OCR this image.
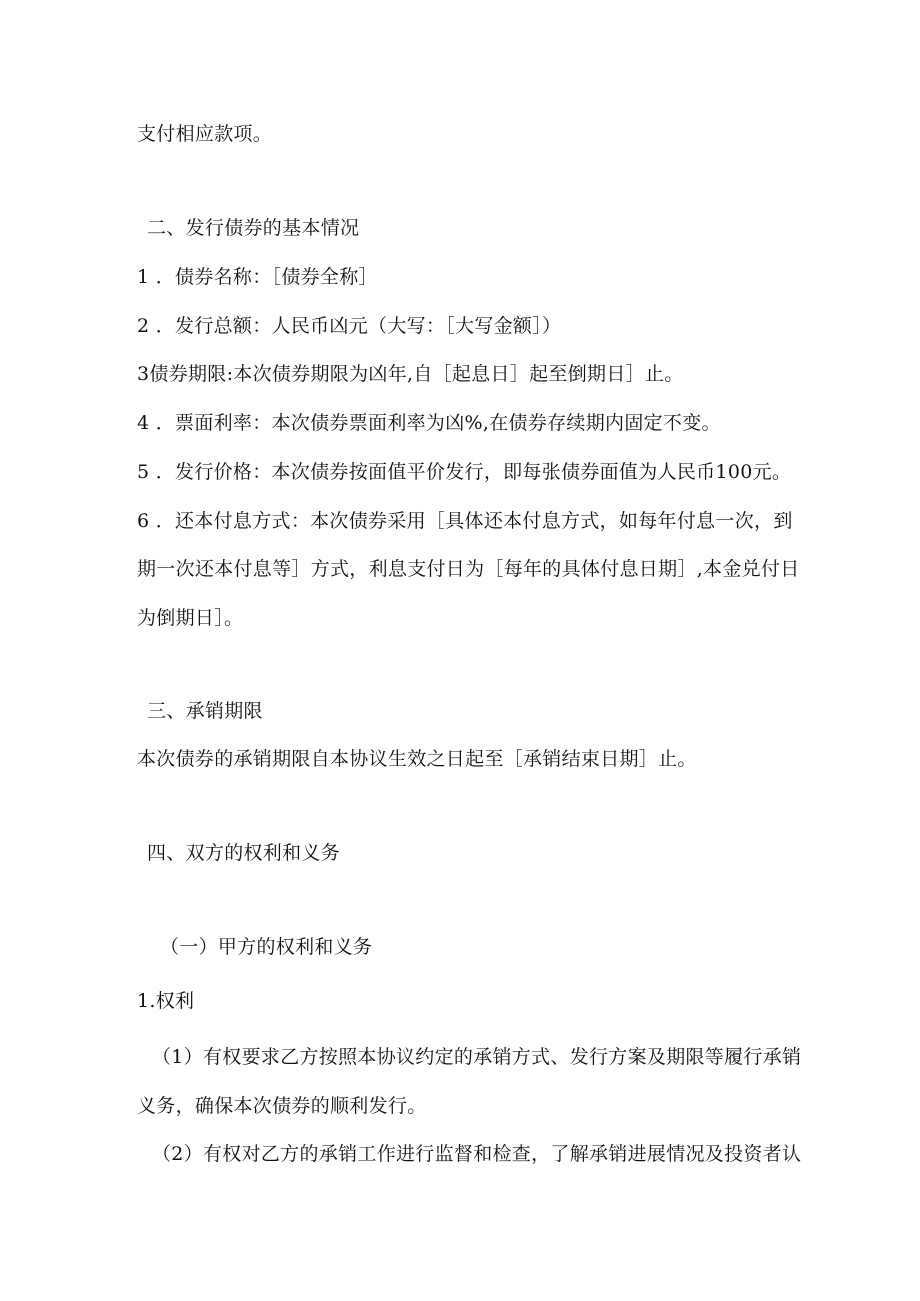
支付相应款项。
二、发行债券的基本情况
1 ．债券名称：［债券全称］
2 ．发行总额：人民币凶元（大写：［大写金额］）
3债券期限:本次债券期限为凶年,自［起息日］起至倒期日］止。
4 ．票面利率：本次债券票面利率为凶%,在债券存续期内固定不变。
5 ．发行价格：本次债券按面值平价发行，即每张债券面值为人民币100元。
6 ．还本付息方式：本次债券采用［具体还本付息方式，如每年付息一次，到
期一次还本付息等］方式，利息支付日为［每年的具体付息日期］,本金兑付日
为倒期日］。
三、承销期限
本次债券的承销期限自本协议生效之日起至［承销结束日期］止。
四、双方的权利和义务
（一）甲方的权利和义务
1.权利
（1）有权要求乙方按照本协议约定的承销方式、发行方案及期限等履行承销
义务，确保本次债券的顺利发行。
（2）有权对乙方的承销工作进行监督和检查，了解承销进展情况及投资者认
